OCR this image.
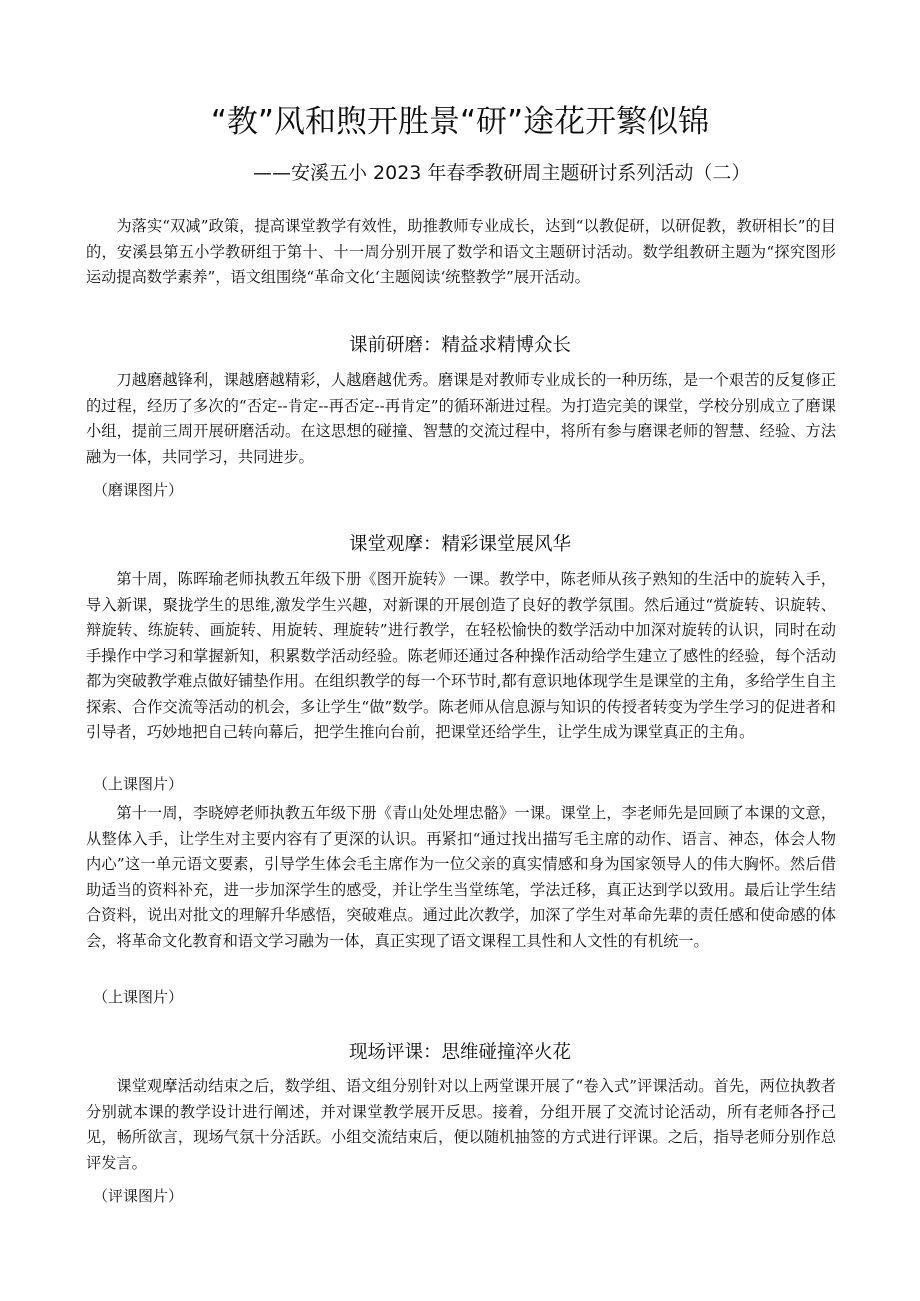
“教”风和煦开胜景“研”途花开繁似锦
——安溪五小 2023 年春季教研周主题研讨系列活动（二）

为落实“双减”政策，提高课堂教学有效性，助推教师专业成长，达到“以教促研，以研促教，教研相长”的目的，安溪县第五小学教研组于第十、十一周分别开展了数学和语文主题研讨活动。数学组教研主题为“探究图形运动提高数学素养”，语文组围绕“革命文化‘主题阅读‘统整教学”展开活动。

课前研磨：精益求精博众长

刀越磨越锋利，课越磨越精彩，人越磨越优秀。磨课是对教师专业成长的一种历练，是一个艰苦的反复修正的过程，经历了多次的“否定--肯定--再否定--再肯定”的循环渐进过程。为打造完美的课堂，学校分别成立了磨课小组，提前三周开展研磨活动。在这思想的碰撞、智慧的交流过程中，将所有参与磨课老师的智慧、经验、方法融为一体，共同学习，共同进步。

（磨课图片）
课堂观摩：精彩课堂展风华

第十周，陈晖瑜老师执教五年级下册《图开旋转》一课。教学中，陈老师从孩子熟知的生活中的旋转入手，导入新课，聚拢学生的思维,激发学生兴趣，对新课的开展创造了良好的教学氛围。然后通过“赏旋转、识旋转、辩旋转、练旋转、画旋转、用旋转、理旋转”进行教学，在轻松愉快的数学活动中加深对旋转的认识，同时在动手操作中学习和掌握新知，积累数学活动经验。陈老师还通过各种操作活动给学生建立了感性的经验，每个活动都为突破教学难点做好铺垫作用。在组织教学的每一个环节时,都有意识地体现学生是课堂的主角，多给学生自主探索、合作交流等活动的机会，多让学生“做”数学。陈老师从信息源与知识的传授者转变为学生学习的促进者和引导者，巧妙地把自己转向幕后，把学生推向台前，把课堂还给学生，让学生成为课堂真正的主角。

（上课图片）

第十一周，李晓婷老师执教五年级下册《青山处处埋忠骼》一课。课堂上，李老师先是回顾了本课的文意，从整体入手，让学生对主要内容有了更深的认识。再紧扣“通过找出描写毛主席的动作、语言、神态，体会人物内心”这一单元语文要素，引导学生体会毛主席作为一位父亲的真实情感和身为国家领导人的伟大胸怀。然后借助适当的资料补充，进一步加深学生的感受，并让学生当堂练笔，学法迁移，真正达到学以致用。最后让学生结合资料，说出对批文的理解升华感悟，突破难点。通过此次教学，加深了学生对革命先辈的责任感和使命感的体会，将革命文化教育和语文学习融为一体，真正实现了语文课程工具性和人文性的有机统一。

（上课图片）
现场评课：思维碰撞淬火花

课堂观摩活动结束之后，数学组、语文组分别针对以上两堂课开展了“卷入式”评课活动。首先，两位执教者分别就本课的教学设计进行阐述，并对课堂教学展开反思。接着，分组开展了交流讨论活动，所有老师各抒己见，畅所欲言，现场气氛十分活跃。小组交流结束后，便以随机抽签的方式进行评课。之后，指导老师分别作总评发言。

（评课图片）
